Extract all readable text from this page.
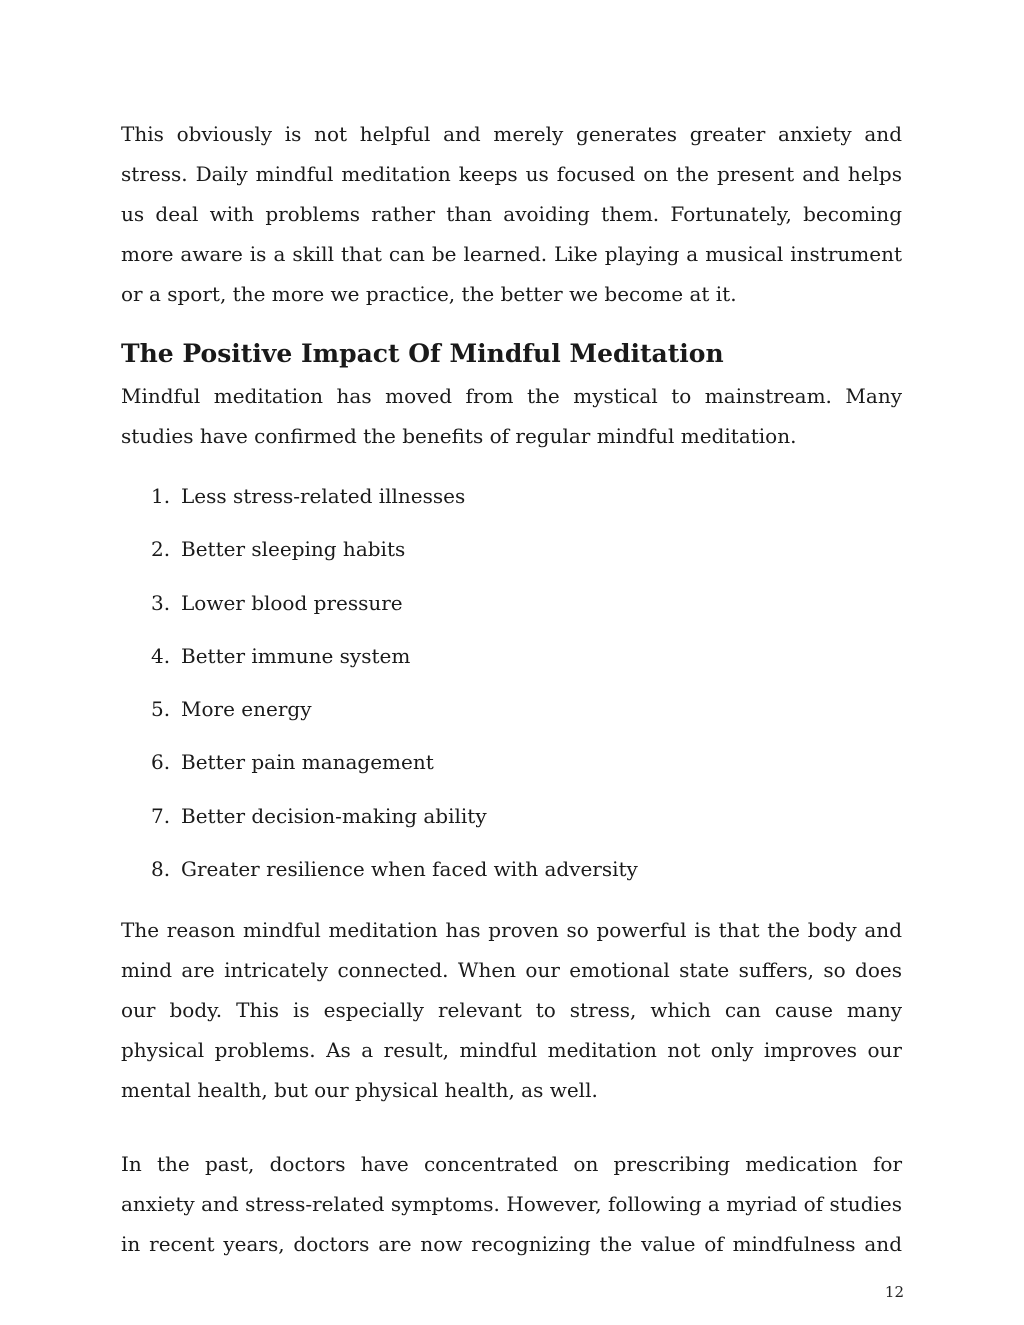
This obviously is not helpful and merely generates greater anxiety and stress. Daily mindful meditation keeps us focused on the present and helps us deal with problems rather than avoiding them. Fortunately, becoming more aware is a skill that can be learned. Like playing a musical instrument or a sport, the more we practice, the better we become at it.

The Positive Impact Of Mindful Meditation

Mindful meditation has moved from the mystical to mainstream. Many studies have confirmed the benefits of regular mindful meditation.

1. Less stress-related illnesses
2. Better sleeping habits
3. Lower blood pressure
4. Better immune system
5. More energy
6. Better pain management
7. Better decision-making ability
8. Greater resilience when faced with adversity

The reason mindful meditation has proven so powerful is that the body and mind are intricately connected. When our emotional state suffers, so does our body. This is especially relevant to stress, which can cause many physical problems. As a result, mindful meditation not only improves our mental health, but our physical health, as well.

In the past, doctors have concentrated on prescribing medication for anxiety and stress-related symptoms. However, following a myriad of studies in recent years, doctors are now recognizing the value of mindfulness and

12
